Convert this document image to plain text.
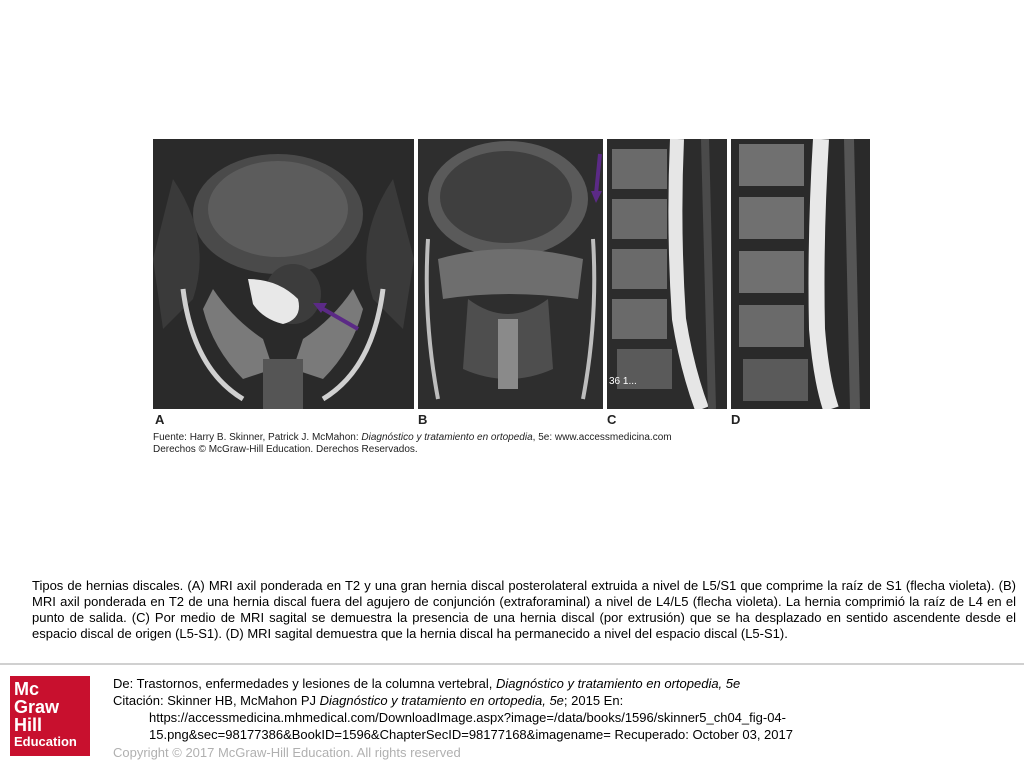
36 1...
A	B	C	D
Fuente: Harry B. Skinner, Patrick J. McMahon: Diagnóstico y tratamiento en ortopedia, 5e: www.accessmedicina.com
Derechos © McGraw-Hill Education. Derechos Reservados.
Tipos de hernias discales. (A) MRI axil ponderada en T2 y una gran hernia discal posterolateral extruida a nivel de L5/S1 que comprime la raíz de S1 (flecha violeta). (B) MRI axil ponderada en T2 de una hernia discal fuera del agujero de conjunción (extraforaminal) a nivel de L4/L5 (flecha violeta). La hernia comprimió la raíz de L4 en el punto de salida. (C) Por medio de MRI sagital se demuestra la presencia de una hernia discal (por extrusión) que se ha desplazado en sentido ascendente desde el espacio discal de origen (L5-S1). (D) MRI sagital demuestra que la hernia discal ha permanecido a nivel del espacio discal (L5-S1).
Mc
Graw
Hill
Education
De: Trastornos, enfermedades y lesiones de la columna vertebral, Diagnóstico y tratamiento en ortopedia, 5e
Citación: Skinner HB, McMahon PJ Diagnóstico y tratamiento en ortopedia, 5e; 2015 En:
https://accessmedicina.mhmedical.com/DownloadImage.aspx?image=/data/books/1596/skinner5_ch04_fig-04-
15.png&sec=98177386&BookID=1596&ChapterSecID=98177168&imagename= Recuperado: October 03, 2017
Copyright © 2017 McGraw-Hill Education. All rights reserved
